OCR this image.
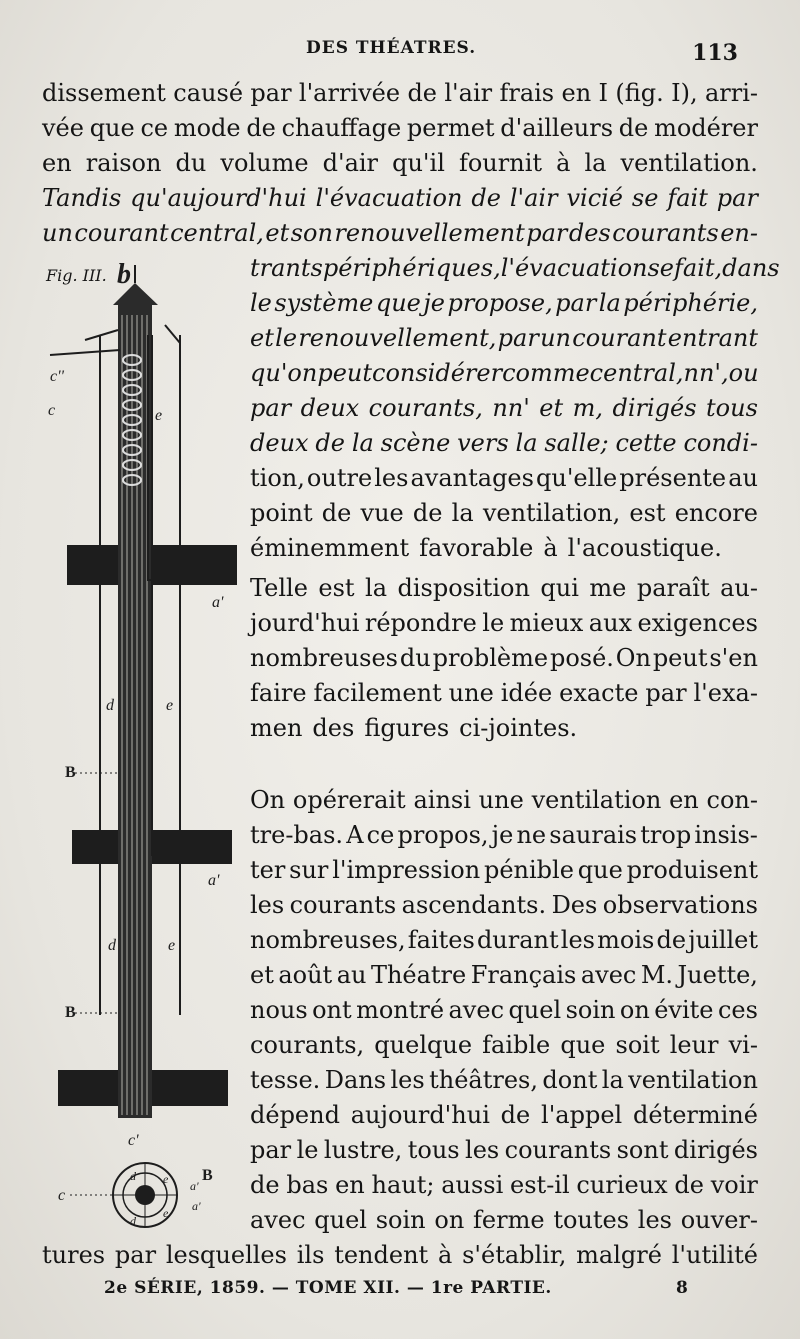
DES THÉATRES.	113
dissement causé par l'arrivée de l'air frais en I (fig. I), arri-
vée que ce mode de chauffage permet d'ailleurs de modérer
en raison du volume d'air qu'il fournit à la ventilation.
Tandis qu'aujourd'hui l'évacuation de l'air vicié se fait par
un courant central, et son renouvellement par des courants en-
trants périphériques, l'évacuation se fait, dans
le système que je propose, par la périphérie,
et le renouvellement, par un courant entrant
qu'on peut considérer comme central, nn', ou
par deux courants, nn' et m, dirigés tous
deux de la scène vers la salle; cette condi-
tion, outre les avantages qu'elle présente au
point de vue de la ventilation, est encore
éminemment favorable à l'acoustique.
Telle est la disposition qui me paraît au-
jourd'hui répondre le mieux aux exigences
nombreuses du problème posé. On peut s'en
faire facilement une idée exacte par l'exa-
men des figures ci-jointes.
On opérerait ainsi une ventilation en con-
tre-bas. A ce propos, je ne saurais trop insis-
ter sur l'impression pénible que produisent
les courants ascendants. Des observations
nombreuses, faites durant les mois de juillet
et août au Théatre Français avec M. Juette,
nous ont montré avec quel soin on évite ces
courants, quelque faible que soit leur vi-
tesse. Dans les théâtres, dont la ventilation
dépend aujourd'hui de l'appel déterminé
par le lustre, tous les courants sont dirigés
de bas en haut; aussi est-il curieux de voir
avec quel soin on ferme toutes les ouver-
tures par lesquelles ils tendent à s'établir, malgré l'utilité
Fig. III. b
c''
c	e
a'
d	e
B
a'
d	e
B
c'
c
B
a'
a'
d
d
e
e
2e SÉRIE, 1859. — TOME XII. — 1re PARTIE.	8
